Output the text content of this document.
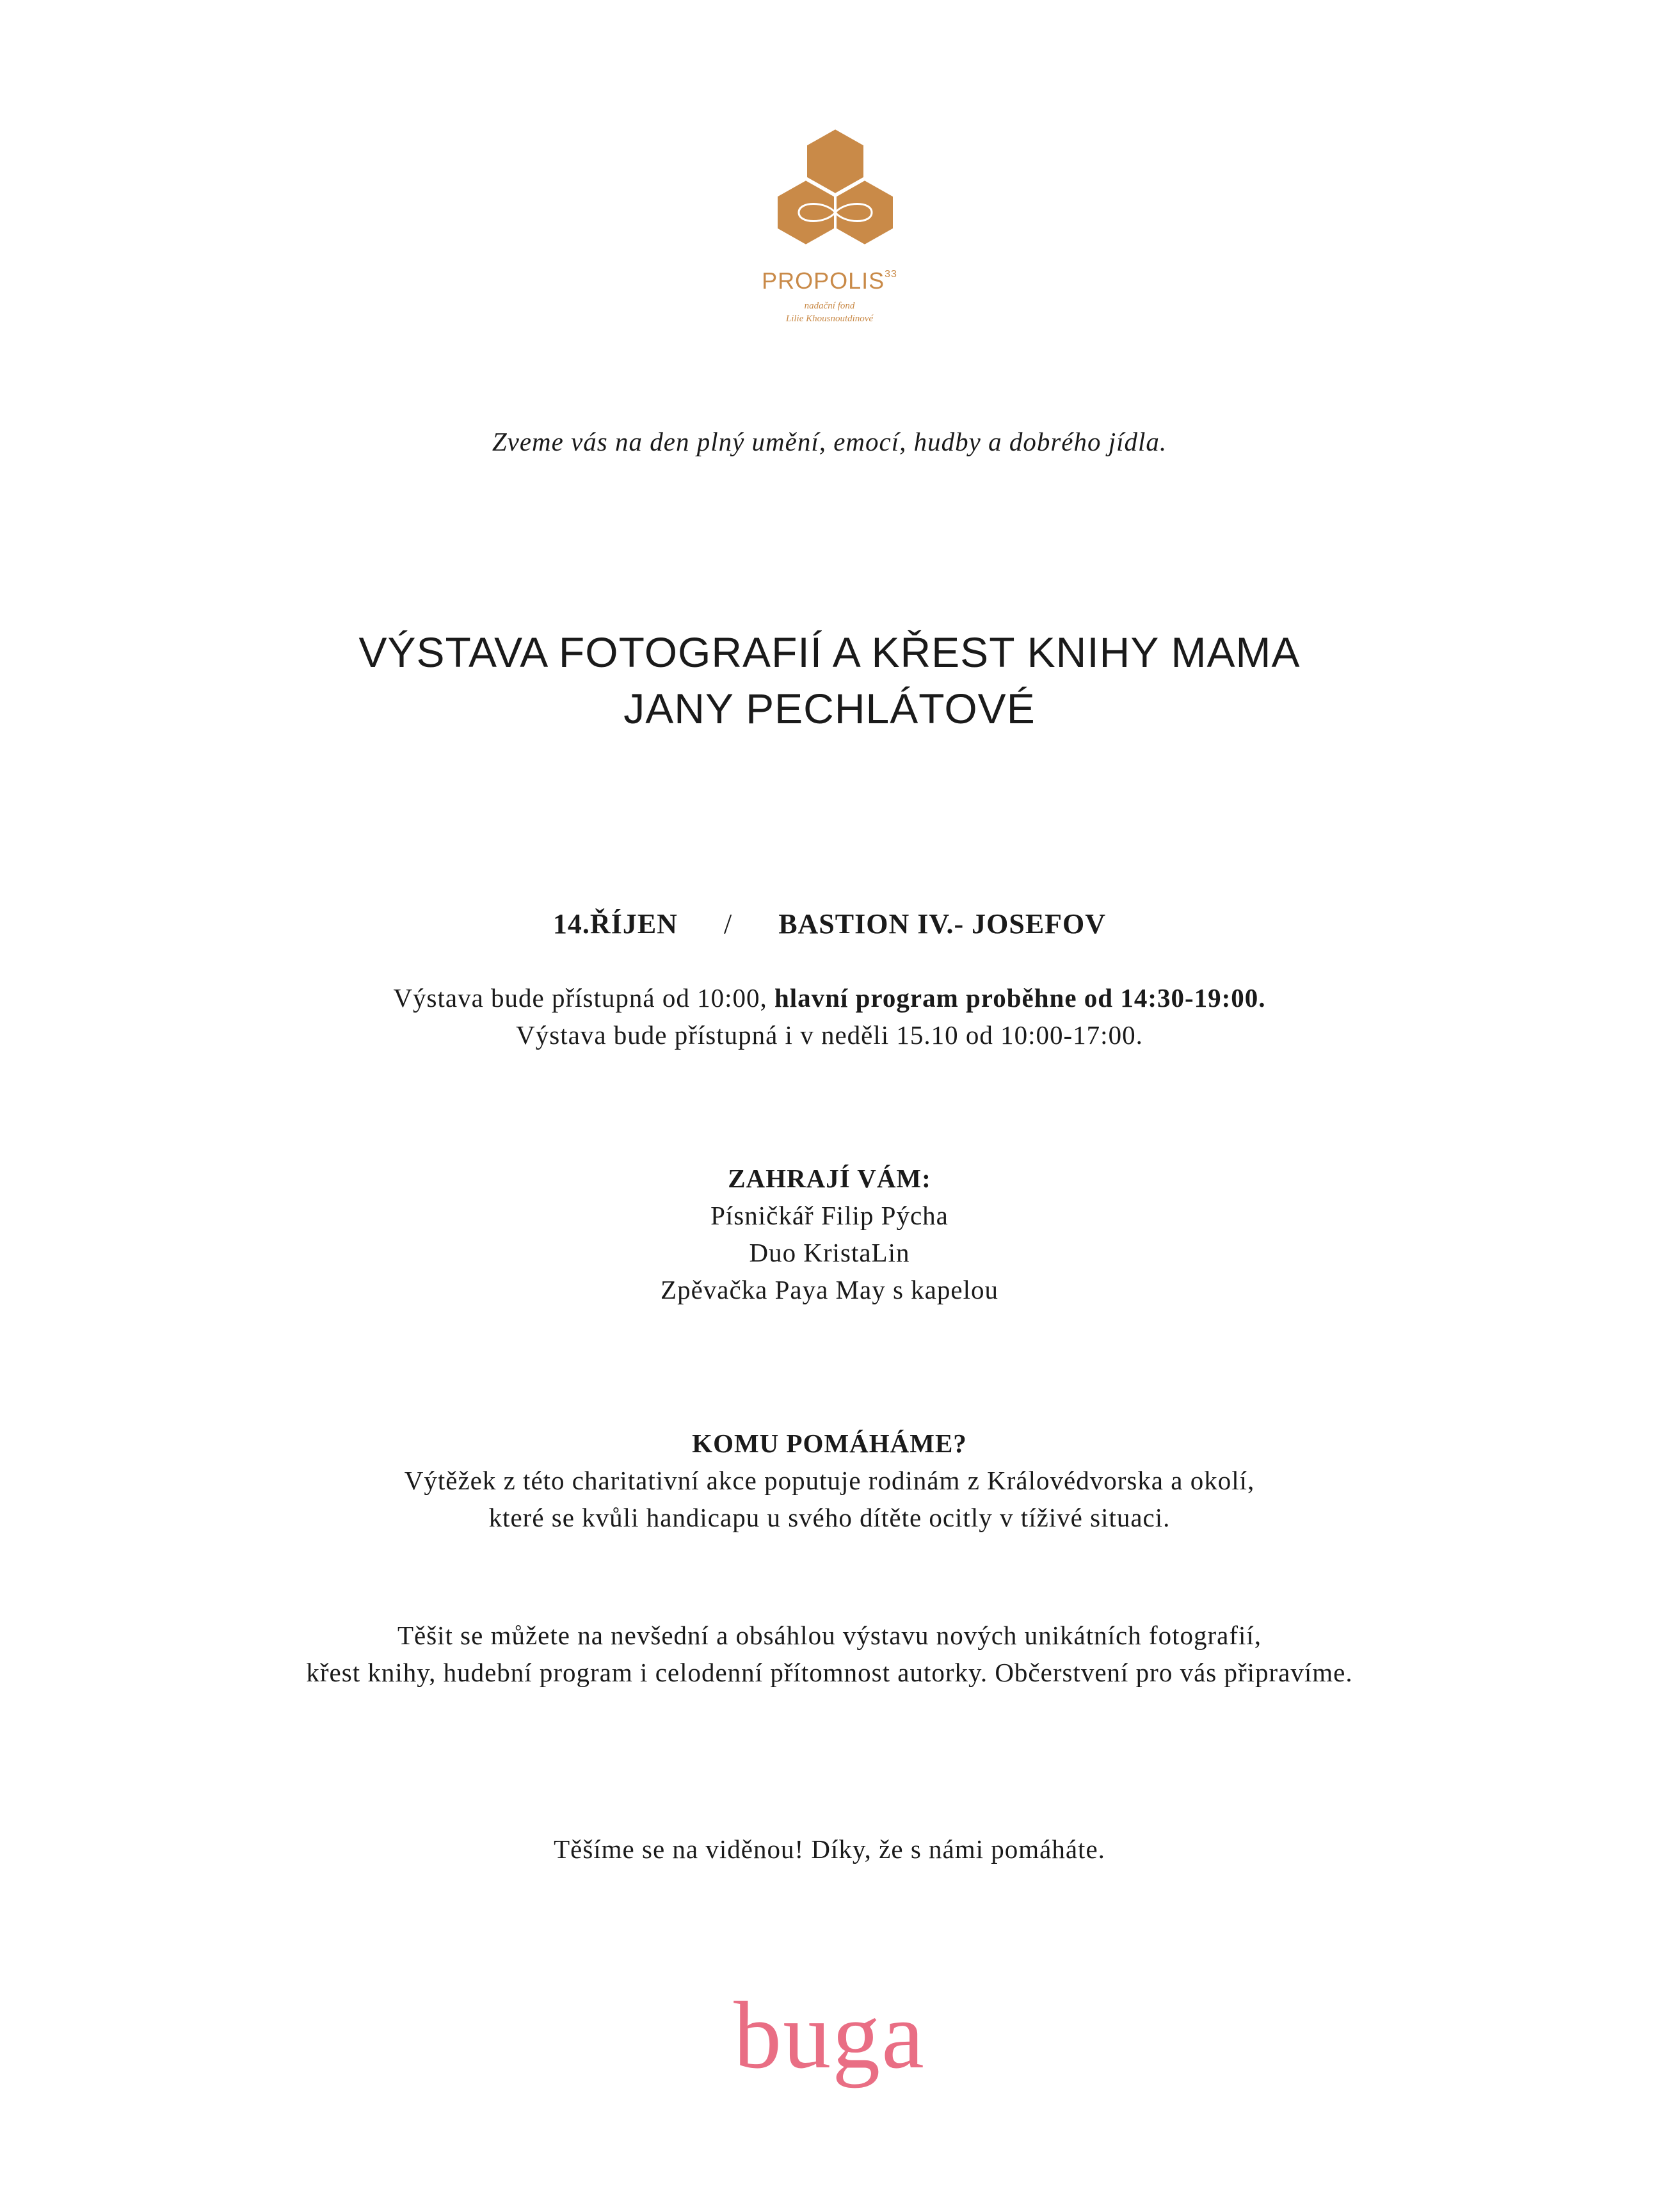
PROPOLIS$^{33}$
nadační fond
Lilie Khousnoutdinové
Zveme vás na den plný umění, emocí, hudby a dobrého jídla.
VÝSTAVA FOTOGRAFIÍ A KŘEST KNIHY MAMA
JANY PECHLÁTOVÉ
14.ŘÍJEN / BASTION IV.- JOSEFOV
Výstava bude přístupná od 10:00, hlavní program proběhne od 14:30-19:00.
Výstava bude přístupná i v neděli 15.10 od 10:00-17:00.
ZAHRAJÍ VÁM:
Písničkář Filip Pýcha
Duo KristaLin
Zpěvačka Paya May s kapelou
KOMU POMÁHÁME?
Výtěžek z této charitativní akce poputuje rodinám z Královédvorska a okolí,
které se kvůli handicapu u svého dítěte ocitly v tíživé situaci.
Těšit se můžete na nevšední a obsáhlou výstavu nových unikátních fotografií,
křest knihy, hudební program i celodenní přítomnost autorky. Občerstvení pro vás připravíme.
Těšíme se na viděnou! Díky, že s námi pomáháte.
buga
